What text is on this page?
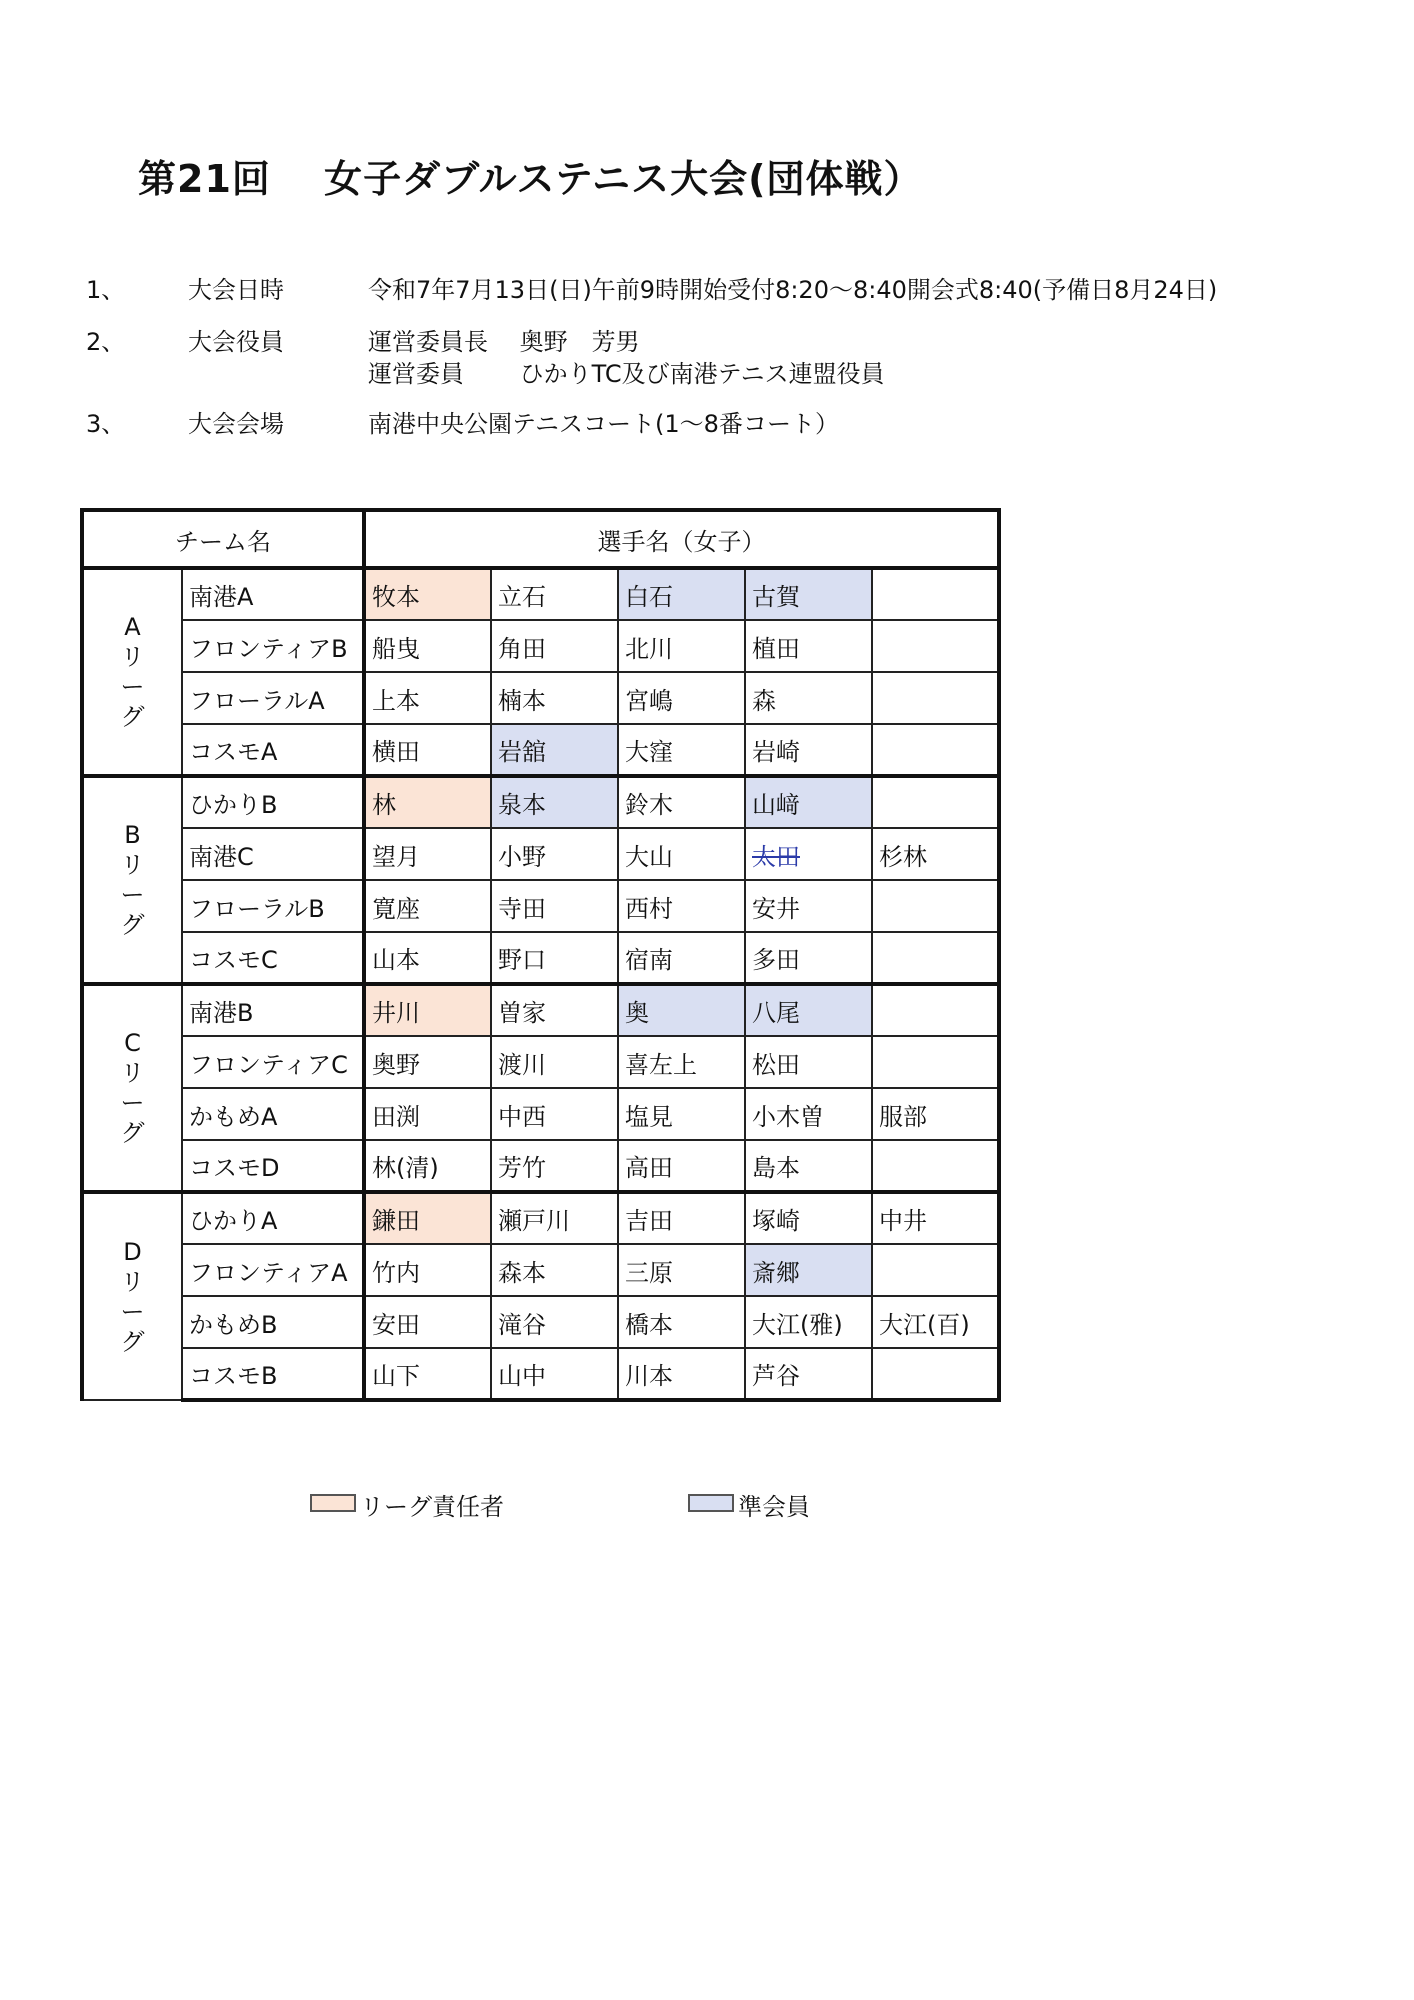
第21回　 女子ダブルステニス大会(団体戦）
1、	大会日時	令和7年7月13日(日)午前9時開始受付8:20～8:40開会式8:40(予備日8月24日)
2、	大会役員	運営委員長　 奥野　芳男
運営委員　　 ひかりTC及び南港テニス連盟役員
3、	大会会場	南港中央公園テニスコート(1～8番コート）
チーム名		選手名（女子）				

A
リ
ー
グ	南港A	牧本	立石	白石	古賀	
	フロンティアB	船曳	角田	北川	植田	
	フローラルA	上本	楠本	宮嶋	森	
	コスモA	横田	岩舘	大窪	岩崎	

B
リ
ー
グ	ひかりB	林	泉本	鈴木	山﨑	
	南港C	望月	小野	大山	太田	杉林
	フローラルB	寛座	寺田	西村	安井	
	コスモC	山本	野口	宿南	多田	

C
リ
ー
グ	南港B	井川	曽家	奥	八尾	
	フロンティアC	奥野	渡川	喜左上	松田	
	かもめA	田渕	中西	塩見	小木曽	服部
	コスモD	林(清)	芳竹	高田	島本	

D
リ
ー
グ	ひかりA	鎌田	瀬戸川	吉田	塚崎	中井
	フロンティアA	竹内	森本	三原	斎郷	
	かもめB	安田	滝谷	橋本	大江(雅)	大江(百)
	コスモB	山下	山中	川本	芦谷	
リーグ責任者	準会員
